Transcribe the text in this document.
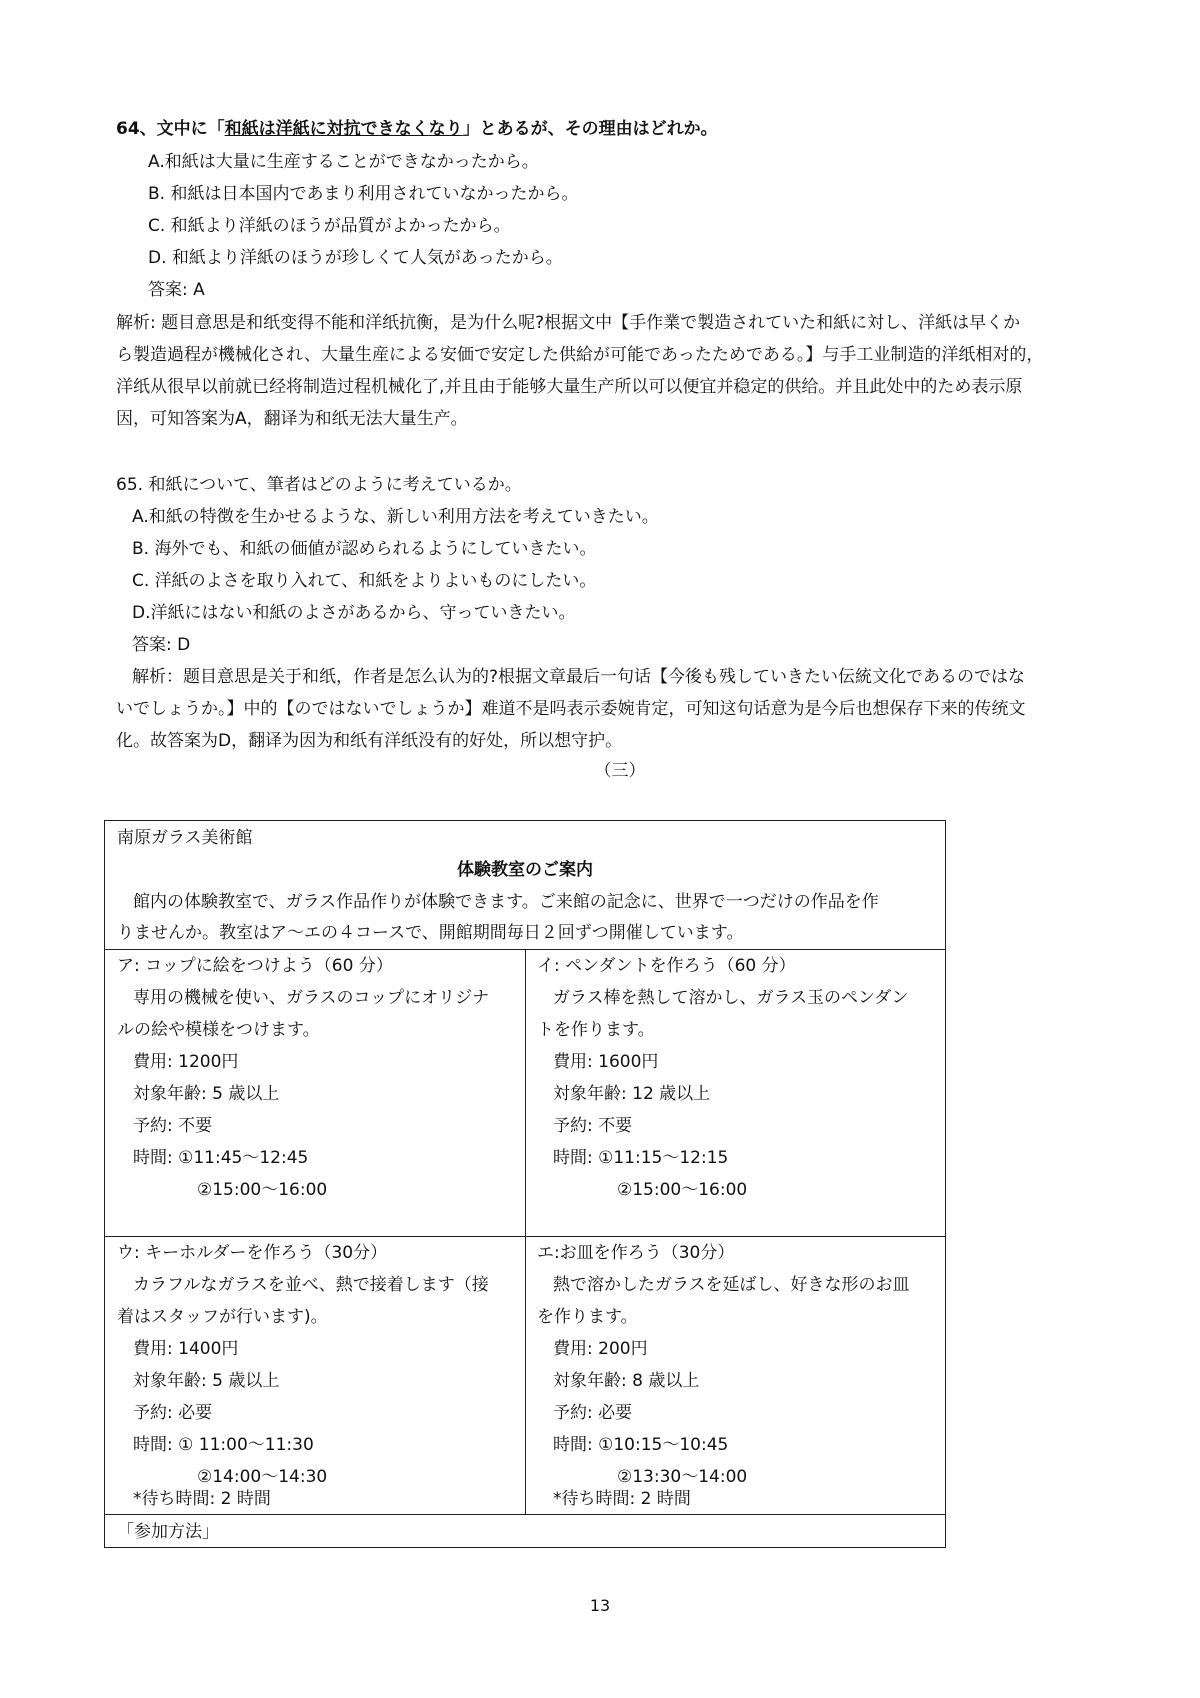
64、文中に「和紙は洋紙に対抗できなくなり」とあるが、その理由はどれか。
A.和紙は大量に生産することができなかったから。
B. 和紙は日本国内であまり利用されていなかったから。
C. 和紙より洋紙のほうが品質がよかったから。
D. 和紙より洋紙のほうが珍しくて人気があったから。
答案: A
解析: 题目意思是和纸变得不能和洋纸抗衡，是为什么呢?根据文中【手作業で製造されていた和紙に対し、洋紙は早くか
ら製造過程が機械化され、大量生産による安価で安定した供給が可能であったためである。】与手工业制造的洋纸相对的，
洋纸从很早以前就已经将制造过程机械化了,并且由于能够大量生产所以可以便宜并稳定的供给。并且此处中的ため表示原
因，可知答案为A，翻译为和纸无法大量生产。
65. 和紙について、筆者はどのように考えているか。
A.和紙の特徴を生かせるような、新しい利用方法を考えていきたい。
B. 海外でも、和紙の価値が認められるようにしていきたい。
C. 洋紙のよさを取り入れて、和紙をよりよいものにしたい。
D.洋紙にはない和紙のよさがあるから、守っていきたい。
答案: D
解析：题目意思是关于和纸，作者是怎么认为的?根据文章最后一句话【今後も残していきたい伝統文化であるのではな
いでしょうか。】中的【のではないでしょうか】难道不是吗表示委婉肯定，可知这句话意为是今后也想保存下来的传统文
化。故答案为D，翻译为因为和纸有洋纸没有的好处，所以想守护。
（三）
南原ガラス美術館
体験教室のご案内
館内の体験教室で、ガラス作品作りが体験できます。ご来館の記念に、世界で一つだけの作品を作
りませんか。教室はア〜エの４コースで、開館期間毎日２回ずつ開催しています。
ア: コップに絵をつけよう（60 分）
専用の機械を使い、ガラスのコップにオリジナ
ルの絵や模様をつけます。
費用: 1200円
対象年齢: 5 歳以上
予約: 不要
時間: ①11:45〜12:45
②15:00〜16:00
イ: ペンダントを作ろう（60 分）
ガラス棒を熱して溶かし、ガラス玉のペンダン
トを作ります。
費用: 1600円
対象年齢: 12 歳以上
予約: 不要
時間: ①11:15〜12:15
②15:00〜16:00
ウ: キーホルダーを作ろう（30分）
カラフルなガラスを並べ、熱で接着します（接
着はスタッフが行います)。
費用: 1400円
対象年齢: 5 歳以上
予約: 必要
時間: ① 11:00〜11:30
②14:00〜14:30
*待ち時間: 2 時間
エ:お皿を作ろう（30分）
熱で溶かしたガラスを延ばし、好きな形のお皿
を作ります。
費用: 200円
対象年齢: 8 歳以上
予約: 必要
時間: ①10:15〜10:45
②13:30〜14:00
*待ち時間: 2 時間
「参加方法」
13
